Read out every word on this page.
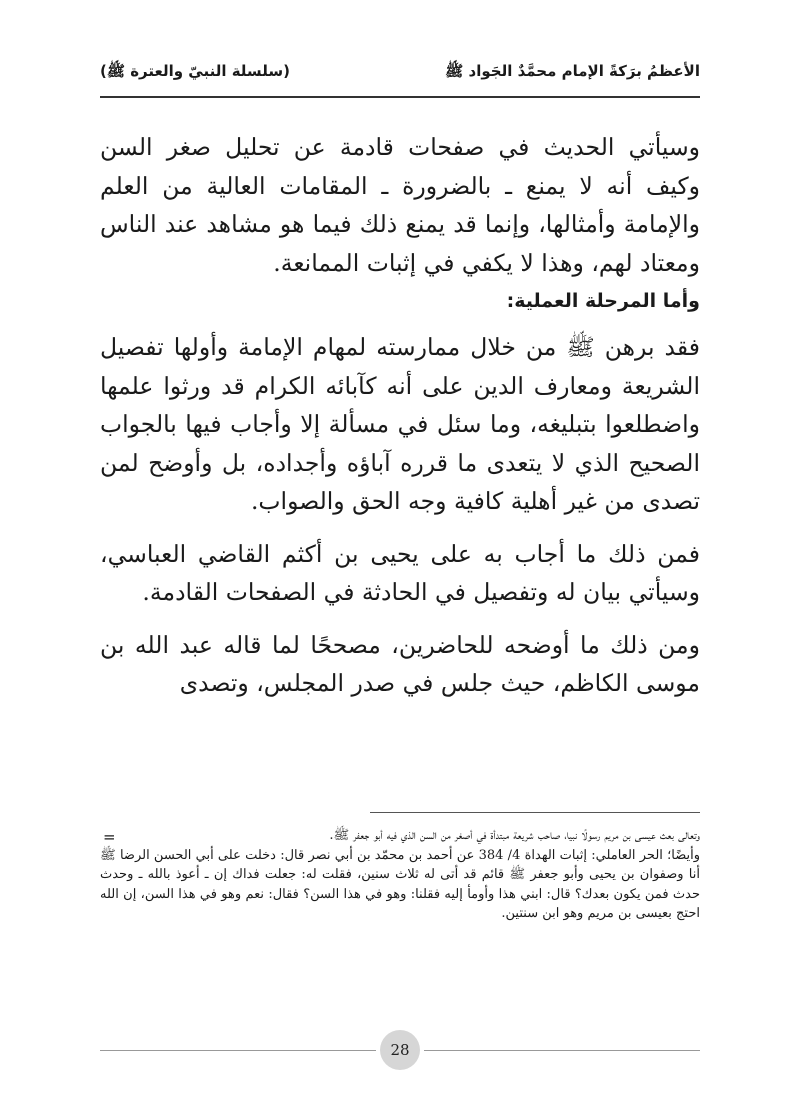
الأعظمُ برَكةً الإمام محمَّدٌ الجَواد ﷺ
(سلسلة النبيّ والعترة ﷺ)

وسيأتي الحديث في صفحات قادمة عن تحليل صغر السن وكيف أنه لا يمنع ـ بالضرورة ـ المقامات العالية من العلم والإمامة وأمثالها، وإنما قد يمنع ذلك فيما هو مشاهد عند الناس ومعتاد لهم، وهذا لا يكفي في إثبات الممانعة.

وأما المرحلة العملية:

فقد برهن ﷺ من خلال ممارسته لمهام الإمامة وأولها تفصيل الشريعة ومعارف الدين على أنه كآبائه الكرام قد ورثوا علمها واضطلعوا بتبليغه، وما سئل في مسألة إلا وأجاب فيها بالجواب الصحيح الذي لا يتعدى ما قرره آباؤه وأجداده، بل وأوضح لمن تصدى من غير أهلية كافية وجه الحق والصواب.

فمن ذلك ما أجاب به على يحيى بن أكثم القاضي العباسي، وسيأتي بيان له وتفصيل في الحادثة في الصفحات القادمة.

ومن ذلك ما أوضحه للحاضرين، مصححًا لما قاله عبد الله بن موسى الكاظم، حيث جلس في صدر المجلس، وتصدى

=	وتعالى بعث عيسى بن مريم رسولًا نبيا، صاحب شريعة مبتدأة في أصغر من السن الذي فيه أبو جعفر ﷺ.

وأيضًا؛ الحر العاملي: إثبات الهداة 4/ 384 عن أحمد بن محمّد بن أبي نصر قال: دخلت على أبي الحسن الرضا ﷺ أنا وصفوان بن يحيى وأبو جعفر ﷺ قائم قد أتى له ثلاث سنين، فقلت له: جعلت فداك إن ـ أعوذ بالله ـ وحدث حدث فمن يكون بعدك؟ قال: ابني هذا وأومأ إليه فقلنا: وهو في هذا السن؟ فقال: نعم وهو في هذا السن، إن الله احتج بعيسى بن مريم وهو ابن سنتين.

28
